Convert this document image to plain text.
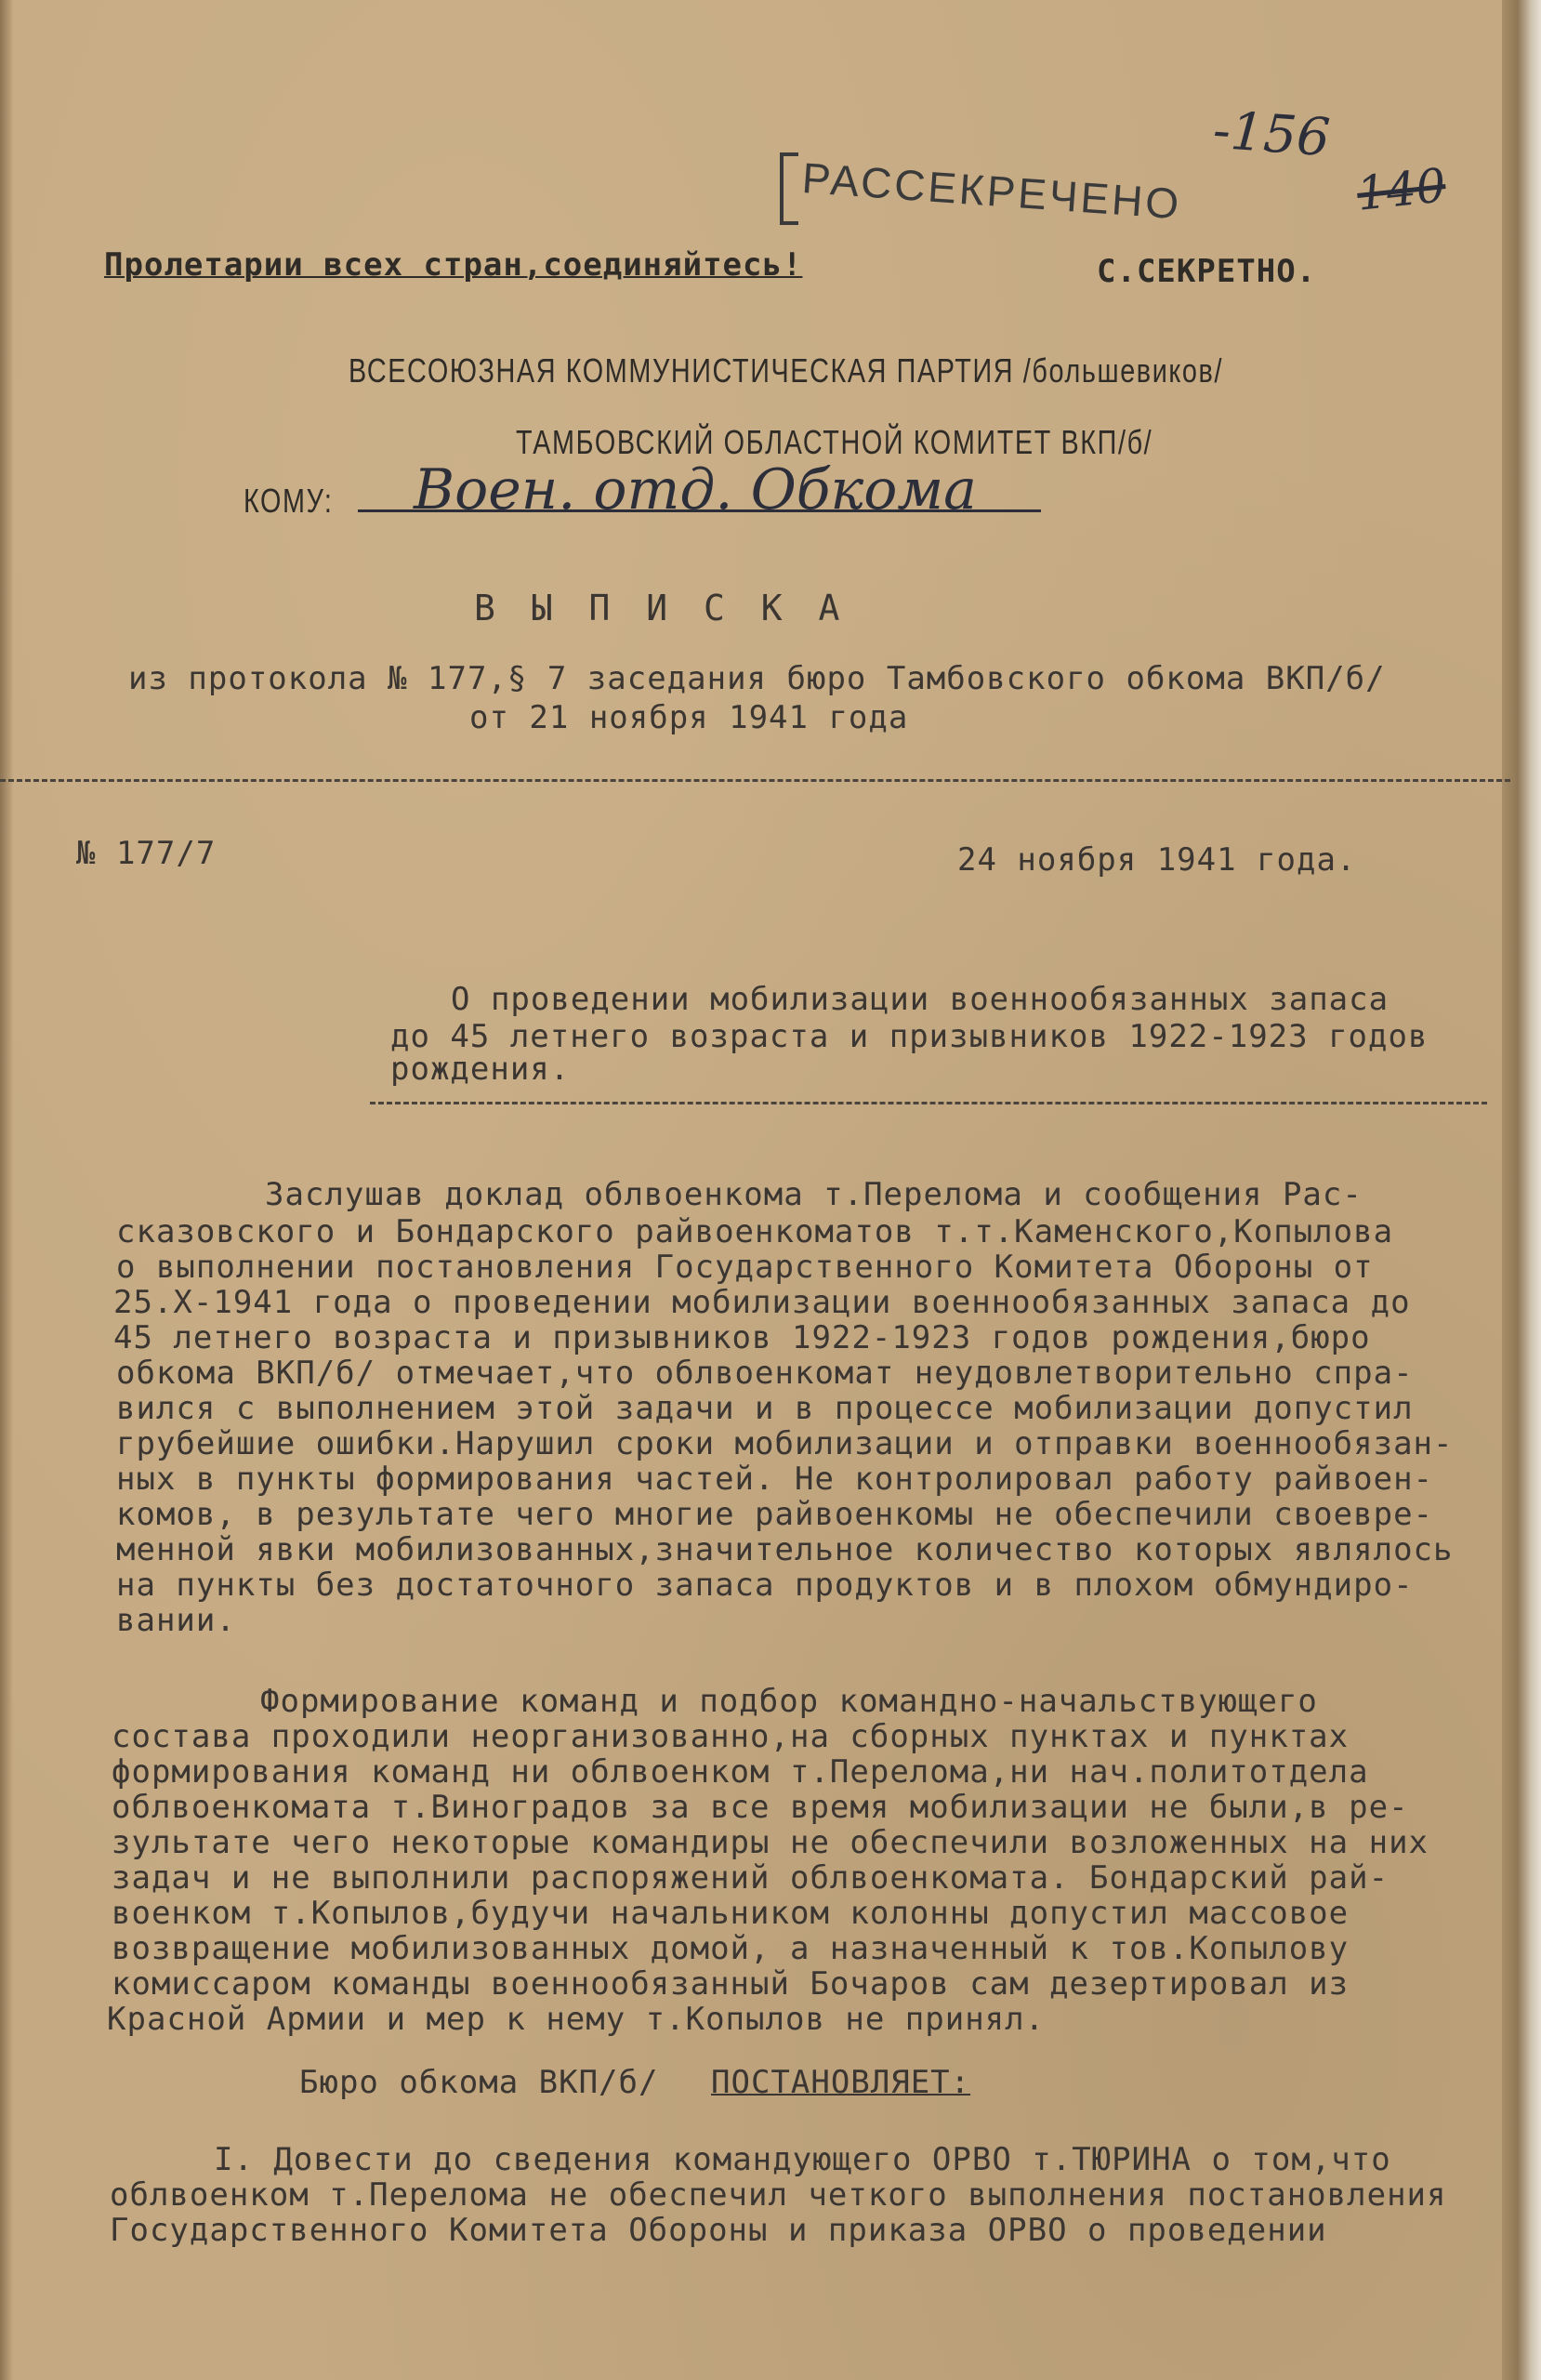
-156
140
РАССЕКРЕЧЕНО
Пролетарии всех стран,соединяйтесь!	С.СЕКРЕТНО.
ВСЕСОЮЗНАЯ КОММУНИСТИЧЕСКАЯ ПАРТИЯ /большевиков/
ТАМБОВСКИЙ ОБЛАСТНОЙ КОМИТЕТ ВКП/б/
КОМУ: Воен. отд. Обкома
В Ы П И С К А
из протокола № 177,§ 7 заседания бюро Тамбовского обкома ВКП/б/
от 21 ноября 1941 года
№ 177/7	24 ноября 1941 года.
О проведении мобилизации военнообязанных запаса
до 45 летнего возраста и призывников 1922-1923 годов
рождения.
Заслушав доклад облвоенкома т.Перелома и сообщения Рас-
сказовского и Бондарского райвоенкоматов т.т.Каменского,Копылова
о выполнении постановления Государственного Комитета Обороны от
25.X-1941 года о проведении мобилизации военнообязанных запаса до
45 летнего возраста и призывников 1922-1923 годов рождения,бюро
обкома ВКП/б/ отмечает,что облвоенкомат неудовлетворительно спра-
вился с выполнением этой задачи и в процессе мобилизации допустил
грубейшие ошибки.Нарушил сроки мобилизации и отправки военнообязан-
ных в пункты формирования частей. Не контролировал работу райвоен-
комов, в результате чего многие райвоенкомы не обеспечили своевре-
менной явки мобилизованных,значительное количество которых являлось
на пункты без достаточного запаса продуктов и в плохом обмундиро-
вании.
Формирование команд и подбор командно-начальствующего
состава проходили неорганизованно,на сборных пунктах и пунктах
формирования команд ни облвоенком т.Перелома,ни нач.политотдела
облвоенкомата т.Виноградов за все время мобилизации не были,в ре-
зультате чего некоторые командиры не обеспечили возложенных на них
задач и не выполнили распоряжений облвоенкомата. Бондарский рай-
военком т.Копылов,будучи начальником колонны допустил массовое
возвращение мобилизованных домой, а назначенный к тов.Копылову
комиссаром команды военнообязанный Бочаров сам дезертировал из
Красной Армии и мер к нему т.Копылов не принял.
Бюро обкома ВКП/б/ ПОСТАНОВЛЯЕТ:
I. Довести до сведения командующего ОРВО т.ТЮРИНА о том,что
облвоенком т.Перелома не обеспечил четкого выполнения постановления
Государственного Комитета Обороны и приказа ОРВО о проведении
